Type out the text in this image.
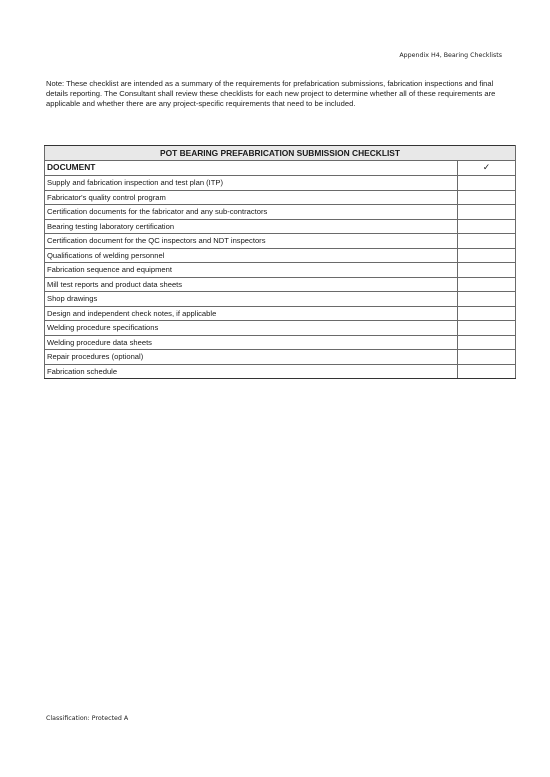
Appendix H4, Bearing Checklists
Note: These checklist are intended as a summary of the requirements for prefabrication submissions, fabrication inspections and final details reporting. The Consultant shall review these checklists for each new project to determine whether all of these requirements are applicable and whether there are any project-specific requirements that need to be included.
POT BEARING PREFABRICATION SUBMISSION CHECKLIST	
DOCUMENT	✓
Supply and fabrication inspection and test plan (ITP)	
Fabricator's quality control program	
Certification documents for the fabricator and any sub-contractors	
Bearing testing laboratory certification	
Certification document for the QC inspectors and NDT inspectors	
Qualifications of welding personnel	
Fabrication sequence and equipment	
Mill test reports and product data sheets	
Shop drawings	
Design and independent check notes, if applicable	
Welding procedure specifications	
Welding procedure data sheets	
Repair procedures (optional)	
Fabrication schedule	
Classification: Protected A
